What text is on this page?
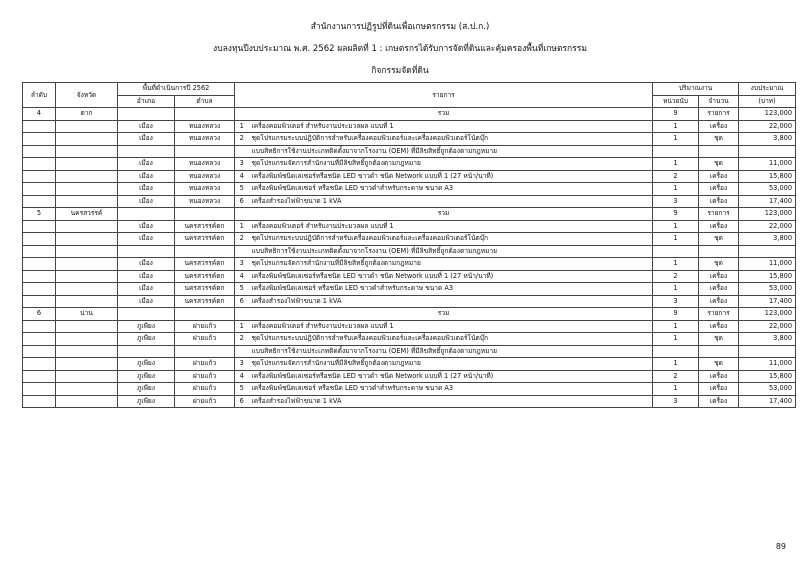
สำนักงานการปฏิรูปที่ดินเพื่อเกษตรกรรม (ส.ป.ก.)
งบลงทุนปีงบประมาณ พ.ศ. 2562 ผลผลิตที่ 1 : เกษตรกรได้รับการจัดที่ดินและคุ้มครองพื้นที่เกษตรกรรม
กิจกรรมจัดที่ดิน
ลำดับ	จังหวัด	พื้นที่ดำเนินการปี 2562		รายการ		ปริมาณงาน		งบประมาณ
		อำเภอ	ตำบล			หน่วยนับ	จำนวน	(บาท)
4	ตาก			รวม		9	รายการ	123,000
		เมือง	หนองหลวง	1	เครื่องคอมพิวเตอร์ สำหรับงานประมวลผล แบบที่ 1	1	เครื่อง	22,000
		เมือง	หนองหลวง	2	ชุดโปรแกรมระบบปฏิบัติการสำหรับเครื่องคอมพิวเตอร์และเครื่องคอมพิวเตอร์โน้ตบุ๊ก	1	ชุด	3,800
					แบบสิทธิการใช้งานประเภทติดตั้งมาจากโรงงาน (OEM) ที่มีลิขสิทธิ์ถูกต้องตามกฎหมาย			
		เมือง	หนองหลวง	3	ชุดโปรแกรมจัดการสำนักงานที่มีลิขสิทธิ์ถูกต้องตามกฎหมาย	1	ชุด	11,000
		เมือง	หนองหลวง	4	เครื่องพิมพ์ชนิดเลเซอร์หรือชนิด LED ขาวดำ ชนิด Network แบบที่ 1 (27 หน้า/นาที)	2	เครื่อง	15,800
		เมือง	หนองหลวง	5	เครื่องพิมพ์ชนิดเลเซอร์ หรือชนิด LED ขาวดำสำหรับกระดาษ ขนาด A3	1	เครื่อง	53,000
		เมือง	หนองหลวง	6	เครื่องสำรองไฟฟ้าขนาด 1 kVA	3	เครื่อง	17,400
5	นครสวรรค์			รวม		9	รายการ	123,000
		เมือง	นครสวรรค์ตก	1	เครื่องคอมพิวเตอร์ สำหรับงานประมวลผล แบบที่ 1	1	เครื่อง	22,000
		เมือง	นครสวรรค์ตก	2	ชุดโปรแกรมระบบปฏิบัติการสำหรับเครื่องคอมพิวเตอร์และเครื่องคอมพิวเตอร์โน้ตบุ๊ก	1	ชุด	3,800
					แบบสิทธิการใช้งานประเภทติดตั้งมาจากโรงงาน (OEM) ที่มีลิขสิทธิ์ถูกต้องตามกฎหมาย			
		เมือง	นครสวรรค์ตก	3	ชุดโปรแกรมจัดการสำนักงานที่มีลิขสิทธิ์ถูกต้องตามกฎหมาย	1	ชุด	11,000
		เมือง	นครสวรรค์ตก	4	เครื่องพิมพ์ชนิดเลเซอร์หรือชนิด LED ขาวดำ ชนิด Network แบบที่ 1 (27 หน้า/นาที)	2	เครื่อง	15,800
		เมือง	นครสวรรค์ตก	5	เครื่องพิมพ์ชนิดเลเซอร์ หรือชนิด LED ขาวดำสำหรับกระดาษ ขนาด A3	1	เครื่อง	53,000
		เมือง	นครสวรรค์ตก	6	เครื่องสำรองไฟฟ้าขนาด 1 kVA	3	เครื่อง	17,400
6	น่าน			รวม		9	รายการ	123,000
		ภูเพียง	ฝายแก้ว	1	เครื่องคอมพิวเตอร์ สำหรับงานประมวลผล แบบที่ 1	1	เครื่อง	22,000
		ภูเพียง	ฝายแก้ว	2	ชุดโปรแกรมระบบปฏิบัติการสำหรับเครื่องคอมพิวเตอร์และเครื่องคอมพิวเตอร์โน้ตบุ๊ก	1	ชุด	3,800
					แบบสิทธิการใช้งานประเภทติดตั้งมาจากโรงงาน (OEM) ที่มีลิขสิทธิ์ถูกต้องตามกฎหมาย			
		ภูเพียง	ฝายแก้ว	3	ชุดโปรแกรมจัดการสำนักงานที่มีลิขสิทธิ์ถูกต้องตามกฎหมาย	1	ชุด	11,000
		ภูเพียง	ฝายแก้ว	4	เครื่องพิมพ์ชนิดเลเซอร์หรือชนิด LED ขาวดำ ชนิด Network แบบที่ 1 (27 หน้า/นาที)	2	เครื่อง	15,800
		ภูเพียง	ฝายแก้ว	5	เครื่องพิมพ์ชนิดเลเซอร์ หรือชนิด LED ขาวดำสำหรับกระดาษ ขนาด A3	1	เครื่อง	53,000
		ภูเพียง	ฝายแก้ว	6	เครื่องสำรองไฟฟ้าขนาด 1 kVA	3	เครื่อง	17,400
89
